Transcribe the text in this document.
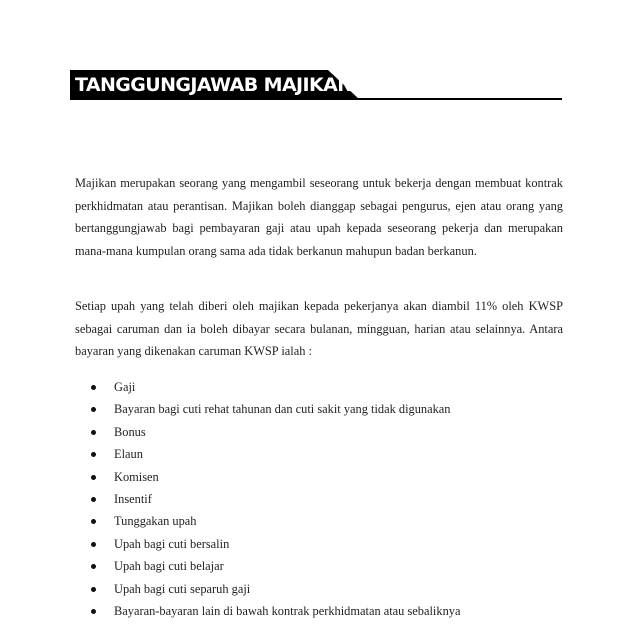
TANGGUNGJAWAB MAJIKAN

Majikan merupakan seorang yang mengambil seseorang untuk bekerja dengan membuat kontrak perkhidmatan atau perantisan. Majikan boleh dianggap sebagai pengurus, ejen atau orang yang bertanggungjawab bagi pembayaran gaji atau upah kepada seseorang pekerja dan merupakan mana-mana kumpulan orang sama ada tidak berkanun mahupun badan berkanun.

Setiap upah yang telah diberi oleh majikan kepada pekerjanya akan diambil 11% oleh KWSP sebagai caruman dan ia boleh dibayar secara bulanan, mingguan, harian atau selainnya. Antara bayaran yang dikenakan caruman KWSP ialah :

Gaji
Bayaran bagi cuti rehat tahunan dan cuti sakit yang tidak digunakan
Bonus
Elaun
Komisen
Insentif
Tunggakan upah
Upah bagi cuti bersalin
Upah bagi cuti belajar
Upah bagi cuti separuh gaji
Bayaran-bayaran lain di bawah kontrak perkhidmatan atau sebaliknya
